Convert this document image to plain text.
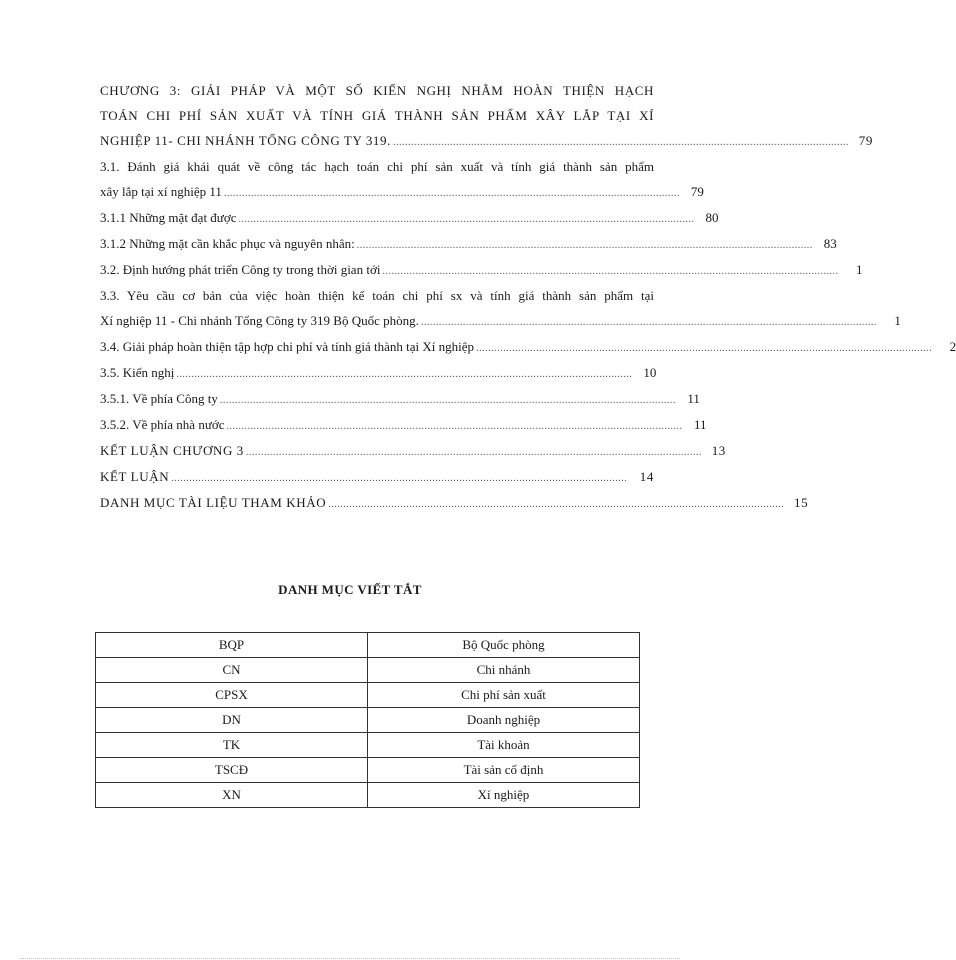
CHƯƠNG 3: GIẢI PHÁP VÀ MỘT SỐ KIẾN NGHỊ NHẰM HOÀN THIỆN HẠCH
TOÁN CHI PHÍ SẢN XUẤT VÀ TÍNH GIÁ THÀNH SẢN PHẨM XÂY LẮP TẠI XÍ
NGHIỆP 11- CHI NHÁNH TỔNG CÔNG TY 319. ........................................................................................................................................................ 79
3.1. Đánh giá khái quát về công tác hạch toán chi phí sản xuất và tính giá thành sản phẩm
xây lắp tại xí nghiệp 11 ........................................................................................................................................................ 79
3.1.1 Những mặt đạt được ........................................................................................................................................................ 80
3.1.2 Những mặt cần khắc phục và nguyên nhân: ........................................................................................................................................................ 83
3.2. Định hướng phát triển Công ty trong thời gian tới ........................................................................................................................................................	1
3.3. Yêu cầu cơ bản của việc hoàn thiện kế toán chi phí sx và tính giá thành sản phẩm tại
Xí nghiệp 11 - Chi nhánh Tổng Công ty 319 Bộ Quốc phòng. ........................................................................................................................................................	1
3.4. Giải pháp hoàn thiện tập hợp chi phí và tính giá thành tại Xí nghiệp ........................................................................................................................................................	2
3.5. Kiến nghị ........................................................................................................................................................ 10
3.5.1. Về phía Công ty ........................................................................................................................................................ 11
3.5.2. Về phía nhà nước ........................................................................................................................................................ 11
KẾT LUẬN CHƯƠNG 3 ........................................................................................................................................................ 13
KẾT LUẬN ........................................................................................................................................................ 14
DANH MỤC TÀI LIỆU THAM KHẢO ........................................................................................................................................................ 15
DANH MỤC VIẾT TẮT
BQP	Bộ Quốc phòng
CN	Chi nhánh
CPSX	Chi phí sản xuất
DN	Doanh nghiệp
TK	Tài khoản
TSCĐ	Tài sản cố định
XN	Xí nghiệp
